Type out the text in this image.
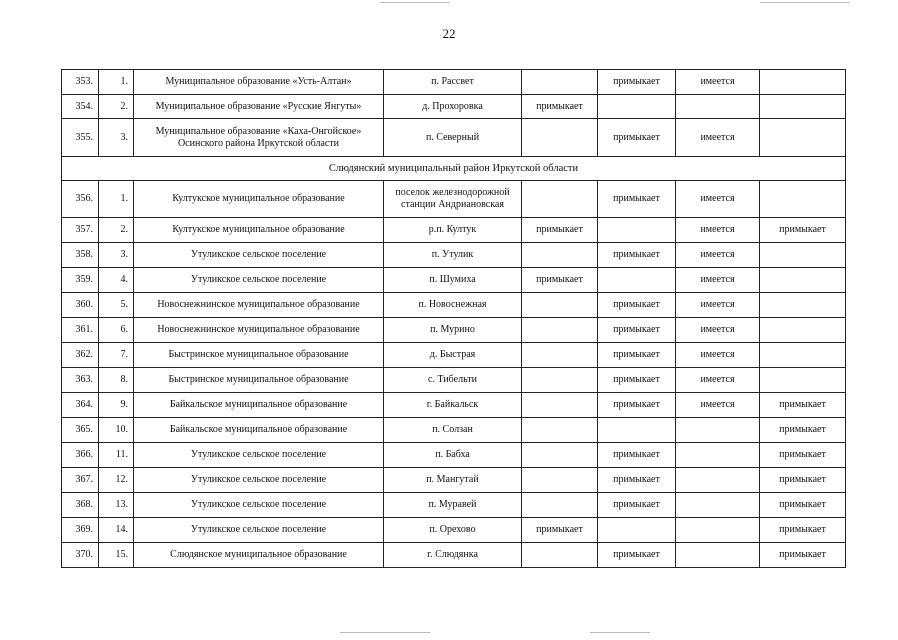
22
353.	1.	Муниципальное образование «Усть-Алтан»	п. Рассвет		примыкает	имеется	
354.	2.	Муниципальное образование «Русские Янгуты»	д. Прохоровка	примыкает			
355.	3.	Муниципальное образование «Каха-Онгойское» Осинского района Иркутской области	п. Северный		примыкает	имеется	
Слюдянский муниципальный район Иркутской области							
356.	1.	Култукское муниципальное образование	поселок железнодорожной станции Андриановская		примыкает	имеется	
357.	2.	Култукское муниципальное образование	р.п. Култук	примыкает		имеется	примыкает
358.	3.	Утуликское сельское поселение	п. Утулик		примыкает	имеется	
359.	4.	Утуликское сельское поселение	п. Шумиха	примыкает		имеется	
360.	5.	Новоснежнинское муниципальное образование	п. Новоснежная		примыкает	имеется	
361.	6.	Новоснежнинское муниципальное образование	п. Мурино		примыкает	имеется	
362.	7.	Быстринское муниципальное образование	д. Быстрая		примыкает	имеется	
363.	8.	Быстринское муниципальное образование	с. Тибельти		примыкает	имеется	
364.	9.	Байкальское муниципальное образование	г. Байкальск		примыкает	имеется	примыкает
365.	10.	Байкальское муниципальное образование	п. Солзан				примыкает
366.	11.	Утуликское сельское поселение	п. Бабха		примыкает		примыкает
367.	12.	Утуликское сельское поселение	п. Мангутай		примыкает		примыкает
368.	13.	Утуликское сельское поселение	п. Муравей		примыкает		примыкает
369.	14.	Утуликское сельское поселение	п. Орехово	примыкает			примыкает
370.	15.	Слюдянское муниципальное образование	г. Слюдянка		примыкает		примыкает
